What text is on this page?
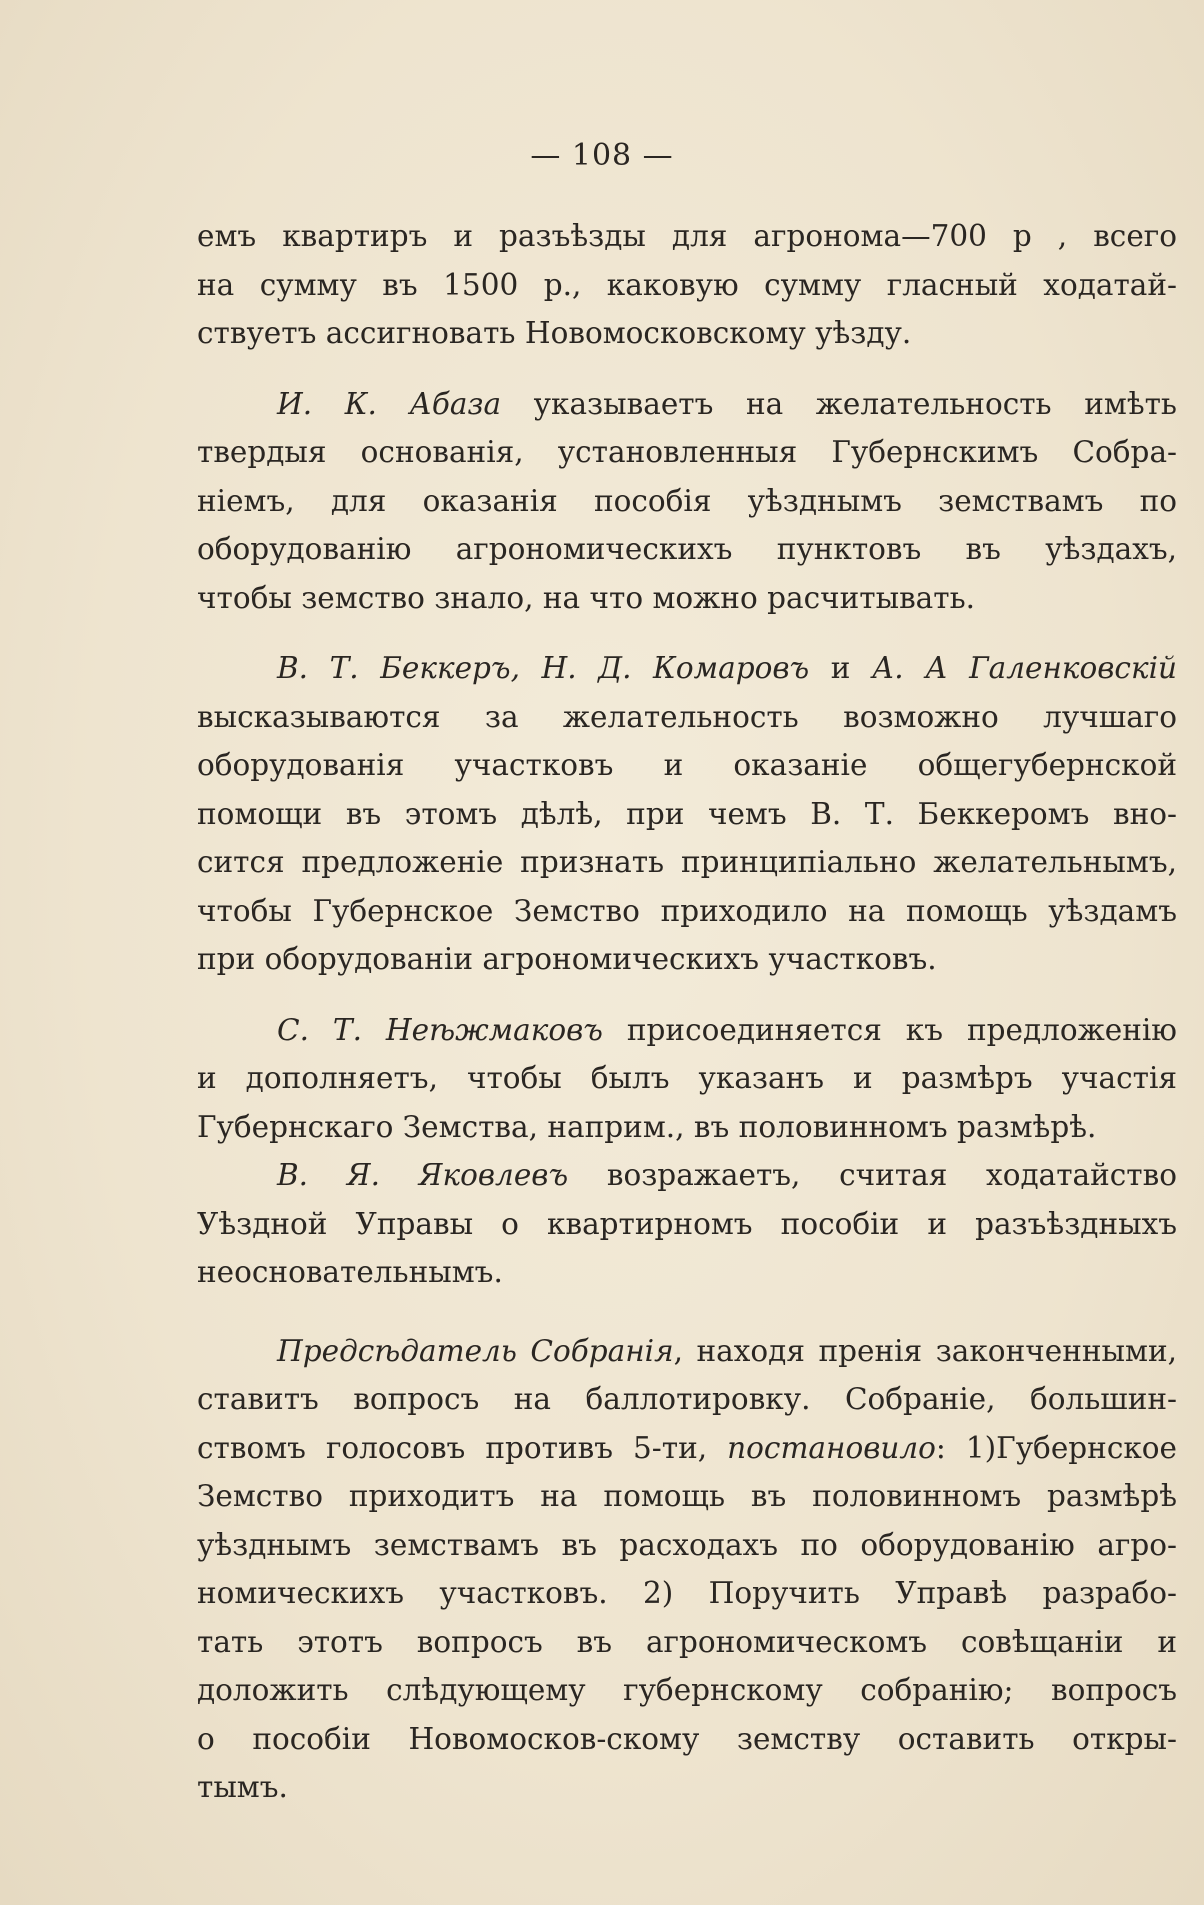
— 108 —

емъ квартиръ и разъѣзды для агронома—700 р , всего
на сумму въ 1500 р., каковую сумму гласный ходатай-
ствуетъ ассигновать Новомосковскому уѣзду.

И. К. Абаза указываетъ на желательность имѣть
твердыя основанія, установленныя Губернскимъ Собра-
ніемъ, для оказанія пособія уѣзднымъ земствамъ по
оборудованію агрономическихъ пунктовъ въ уѣздахъ,
чтобы земство знало, на что можно расчитывать.

В. Т. Беккеръ, Н. Д. Комаровъ и А. А Галенковскій
высказываются за желательность возможно лучшаго
оборудованія участковъ и оказаніе общегубернской
помощи въ этомъ дѣлѣ, при чемъ В. Т. Беккеромъ вно-
сится предложеніе признать принципіально желательнымъ,
чтобы Губернское Земство приходило на помощь уѣздамъ
при оборудованіи агрономическихъ участковъ.

С. Т. Неѣжмаковъ присоединяется къ предложенію
и дополняетъ, чтобы былъ указанъ и размѣръ участія
Губернскаго Земства, наприм., въ половинномъ размѣрѣ.

В. Я. Яковлевъ возражаетъ, считая ходатайство
Уѣздной Управы о квартирномъ пособіи и разъѣздныхъ
неосновательнымъ.

Предсѣдатель Собранія, находя пренія законченными,
ставитъ вопросъ на баллотировку. Собраніе, большин-
ствомъ голосовъ противъ 5-ти, постановило: 1)Губернское
Земство приходитъ на помощь въ половинномъ размѣрѣ
уѣзднымъ земствамъ въ расходахъ по оборудованію агро-
номическихъ участковъ. 2) Поручить Управѣ разрабо-
тать этотъ вопросъ въ агрономическомъ совѣщаніи и
доложить слѣдующему губернскому собранію; вопросъ
о пособіи Новомосков-скому земству оставить откры-
тымъ.
